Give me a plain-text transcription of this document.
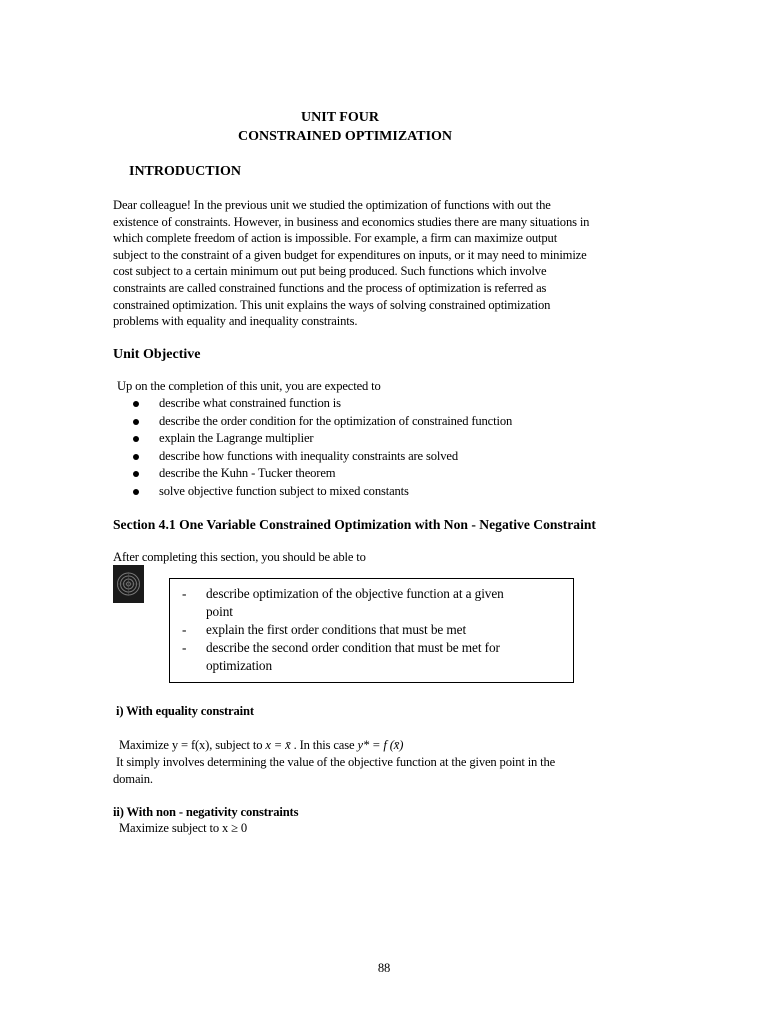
UNIT FOUR
CONSTRAINED OPTIMIZATION
INTRODUCTION
Dear colleague! In the previous unit we studied the optimization of functions with out the
existence of constraints. However, in business and economics studies there are many situations in
which complete freedom of action is impossible. For example, a firm can maximize output
subject to the constraint of a given budget for expenditures on inputs, or it may need to minimize
cost subject to a certain minimum out put being produced. Such functions which involve
constraints are called constrained functions and the process of optimization is referred as
constrained optimization. This unit explains the ways of solving constrained optimization
problems with equality and inequality constraints.
Unit Objective
Up on the completion of this unit, you are expected to
describe what constrained function is
describe the order condition for the optimization of constrained function
explain the Lagrange multiplier
describe how functions with inequality constraints are solved
describe the Kuhn - Tucker theorem
solve objective function subject to mixed constants
Section 4.1 One Variable Constrained Optimization with Non - Negative Constraint
After completing this section, you should be able to
- describe optimization of the objective function at a given
point
- explain the first order conditions that must be met
- describe the second order condition that must be met for
optimization
i) With equality constraint
Maximize y = f(x), subject to x = x̄ . In this case y* = f (x̄)
It simply involves determining the value of the objective function at the given point in the
domain.
ii) With non - negativity constraints
Maximize subject to x ≥ 0
88
